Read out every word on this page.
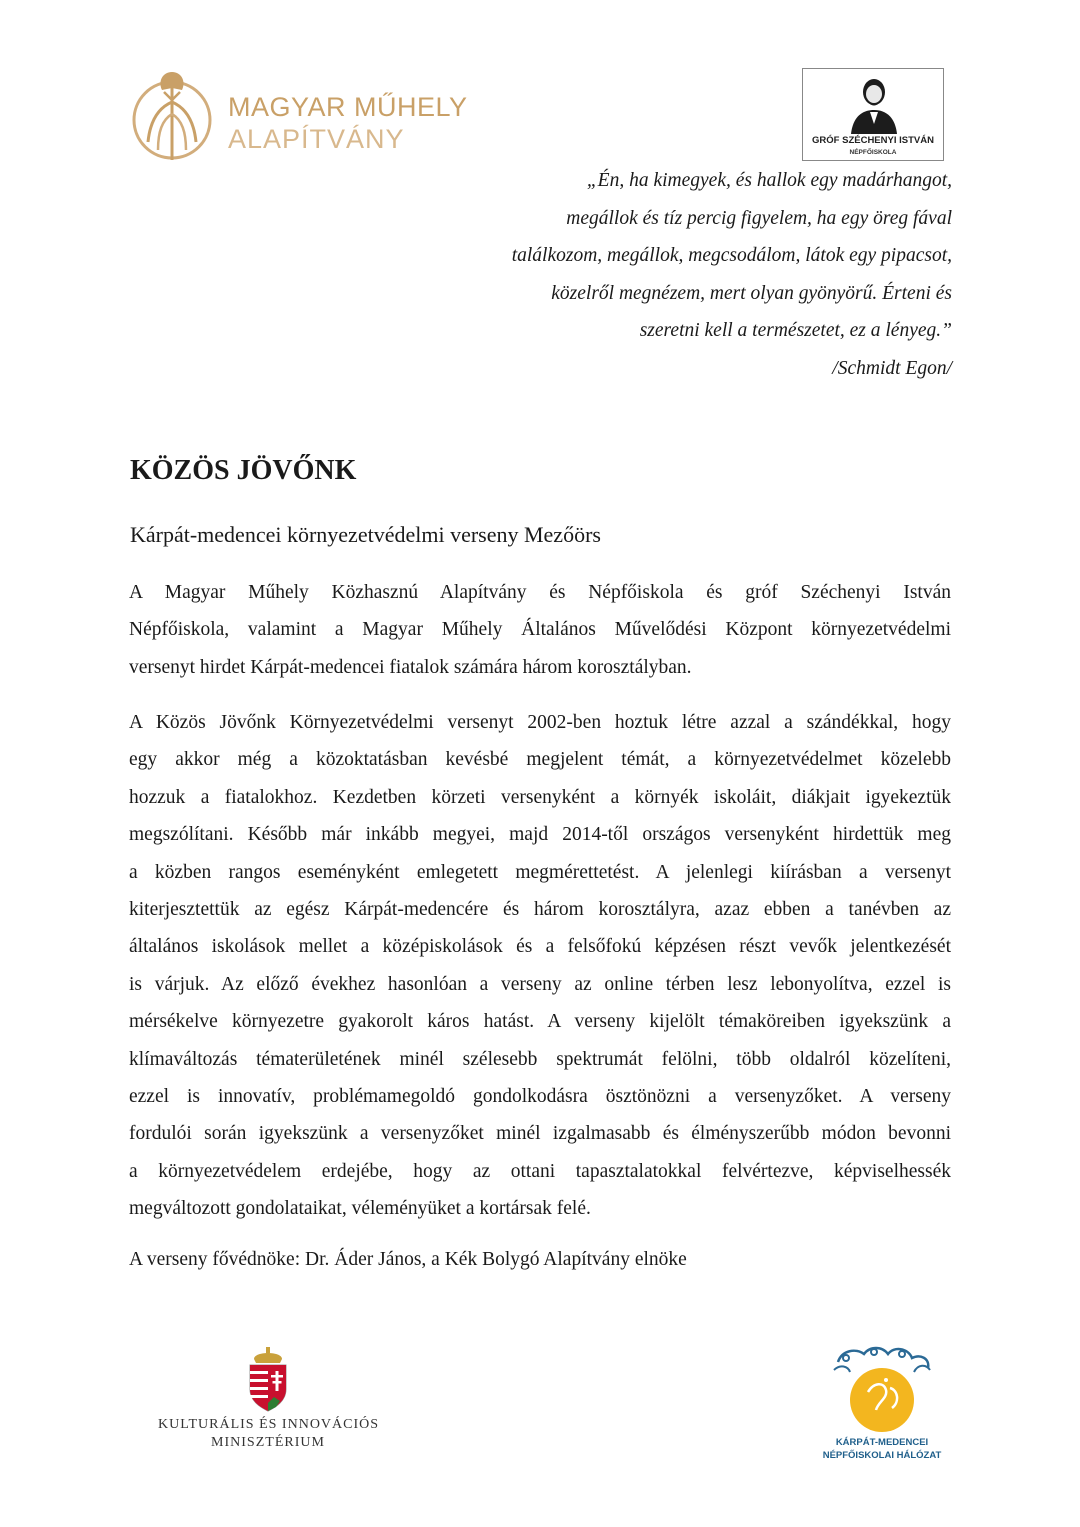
MAGYAR MŰHELY
ALAPÍTVÁNY	GRÓF SZÉCHENYI ISTVÁN
NÉPFŐISKOLA
„Én, ha kimegyek, és hallok egy madárhangot,
megállok és tíz percig figyelem, ha egy öreg fával
találkozom, megállok, megcsodálom, látok egy pipacsot,
közelről megnézem, mert olyan gyönyörű. Érteni és
szeretni kell a természetet, ez a lényeg.”
/Schmidt Egon/
KÖZÖS JÖVŐNK
Kárpát-medencei környezetvédelmi verseny Mezőörs
A Magyar Műhely Közhasznú Alapítvány és Népfőiskola és gróf Széchenyi István
Népfőiskola, valamint a Magyar Műhely Általános Művelődési Központ környezetvédelmi
versenyt hirdet Kárpát-medencei fiatalok számára három korosztályban.
A Közös Jövőnk Környezetvédelmi versenyt 2002-ben hoztuk létre azzal a szándékkal, hogy
egy akkor még a közoktatásban kevésbé megjelent témát, a környezetvédelmet közelebb
hozzuk a fiatalokhoz. Kezdetben körzeti versenyként a környék iskoláit, diákjait igyekeztük
megszólítani. Később már inkább megyei, majd 2014-től országos versenyként hirdettük meg
a közben rangos eseményként emlegetett megmérettetést. A jelenlegi kiírásban a versenyt
kiterjesztettük az egész Kárpát-medencére és három korosztályra, azaz ebben a tanévben az
általános iskolások mellet a középiskolások és a felsőfokú képzésen részt vevők jelentkezését
is várjuk. Az előző évekhez hasonlóan a verseny az online térben lesz lebonyolítva, ezzel is
mérsékelve környezetre gyakorolt káros hatást. A verseny kijelölt témaköreiben igyekszünk a
klímaváltozás tématerületének minél szélesebb spektrumát felölni, több oldalról közelíteni,
ezzel is innovatív, problémamegoldó gondolkodásra ösztönözni a versenyzőket. A verseny
fordulói során igyekszünk a versenyzőket minél izgalmasabb és élményszerűbb módon bevonni
a környezetvédelem erdejébe, hogy az ottani tapasztalatokkal felvértezve, képviselhessék
megváltozott gondolataikat, véleményüket a kortársak felé.
A verseny fővédnöke: Dr. Áder János, a Kék Bolygó Alapítvány elnöke
KULTURÁLIS ÉS INNOVÁCIÓS
MINISZTÉRIUM	KÁRPÁT-MEDENCEI
NÉPFŐISKOLAI HÁLÓZAT
